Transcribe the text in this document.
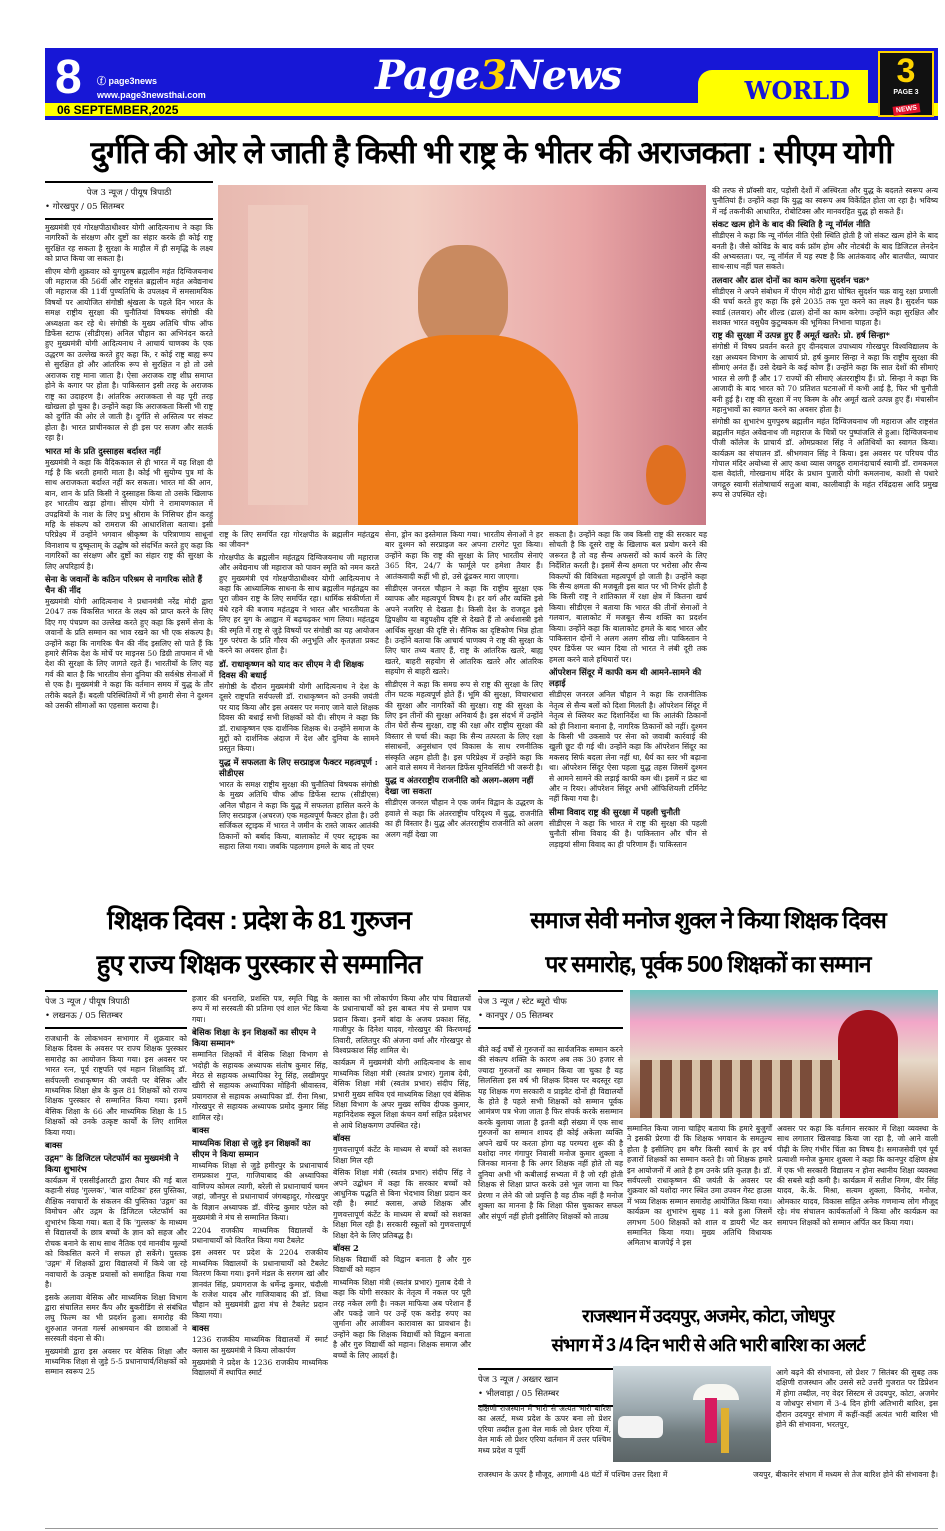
8 ⓕ page3news
www.page3newsthai.com
06 SEPTEMBER,2025
Page3News	WORLD
3
PAGE 3
NEWS
दुर्गति की ओर ले जाती है किसी भी राष्ट्र के भीतर की अराजकता : सीएम योगी
पेज 3 न्यूज / पीयूष त्रिपाठी
• गोरखपुर / 05 सितम्बर

मुख्यमंत्री एवं गोरक्षपीठाधीश्वर योगी आदित्यनाथ ने कहा कि नागरिकों के संरक्षण और दुष्टों का संहार करके ही कोई राष्ट्र सुरक्षित रह सकता है सुरक्षा के माहौल में ही समृद्धि के लक्ष्य को प्राप्त किया जा सकता है।

सीएम योगी शुक्रवार को युगपुरुष ब्रह्मलीन महंत दिग्विजयनाथ जी महाराज की 56वीं और राष्ट्रसंत ब्रह्मलीन महंत अवेद्यनाथ जी महाराज की 11वीं पुण्यतिथि के उपलक्ष्य में समसामयिक विषयों पर आयोजित संगोष्ठी श्रृंखला के पहले दिन भारत के समक्ष राष्ट्रीय सुरक्षा की चुनौतियां विषयक संगोष्ठी की अध्यक्षता कर रहे थे। संगोष्ठी के मुख्य अतिथि चीफ ऑफ डिफेंस स्टाफ (सीडीएस) अनिल चौहान का अभिनंदन करते हुए मुख्यमंत्री योगी आदित्यनाथ ने आचार्य चाणक्य के एक उद्धरण का उल्लेख करते हुए कहा कि, र कोई राष्ट्र बाह्य रूप से सुरक्षित हो और आंतरिक रूप से सुरक्षित न हो तो उसे अराजक राष्ट्र माना जाता है। ऐसा अराजक राष्ट्र शीघ्र समाप्त होने के कगार पर होता है। पाकिस्तान इसी तरह के अराजक राष्ट्र का उदाहरण है। आंतरिक अराजकता से वह पूरी तरह खोखला हो चुका है। उन्होंने कहा कि अराजकता किसी भी राष्ट्र को दुर्गति की ओर ले जाती है। दुर्गति से अस्तित्व पर संकट होता है। भारत प्राचीनकाल से ही इस पर सजग और सतर्क रहा है।

भारत मां के प्रति दुस्साहस बर्दाश्त नहीं

मुख्यमंत्री ने कहा कि वैदिककाल से ही भारत में यह शिक्षा दी गई है कि धरती हमारी माता है। कोई भी सुयोग्य पुत्र मां के साथ अराजकता बर्दाश्त नहीं कर सकता। भारत मां की आन, बान, शान के प्रति किसी ने दुस्साहस किया तो उसके खिलाफ हर भारतीय खड़ा होगा। सीएम योगी ने रामायणकाल में उपद्रवियों के नाश के लिए प्रभु श्रीराम के निसिचर हीन करहुं महि के संकल्प को रामराज की आधारशिला बताया। इसी परिप्रेक्ष्य में उन्होंने भगवान श्रीकृष्ण के परित्राणाय साधूनां विनाशाय च दुष्कृताम् के उद्घोष को संदर्भित करते हुए कहा कि नागरिकों का संरक्षण और दुष्टों का संहार राष्ट्र की सुरक्षा के लिए अपरिहार्य है।

सेना के जवानों के कठिन परिश्रम से नागरिक सोते हैं चैन की नींद

मुख्यमंत्री योगी आदित्यनाथ ने प्रधानमंत्री नरेंद्र मोदी द्वारा 2047 तक विकसित भारत के लक्ष्य को प्राप्त करने के लिए दिए गए पंचप्रण का उल्लेख करते हुए कहा कि इसमें सेना के जवानों के प्रति सम्मान का भाव रखने का भी एक संकल्प है। उन्होंने कहा कि नागरिक चैन की नींद इसलिए सो पाते हैं कि हमारे सैनिक देश के मोर्चे पर माइनस 50 डिग्री तापमान में भी देश की सुरक्षा के लिए जागते रहते हैं। भारतीयों के लिए यह गर्व की बात है कि भारतीय सेना दुनिया की सर्वश्रेष्ठ सेनाओं में से एक है। मुख्यमंत्री ने कहा कि वर्तमान समय में युद्ध के तौर तरीके बदले हैं। बदली परिस्थितियों में भी हमारी सेना ने दुश्मन को उसकी सीमाओं का एहसास कराया है।

राष्ट्र के लिए समर्पित रहा गोरक्षपीठ के ब्रह्मलीन महंतद्वय का जीवन*

गोरक्षपीठ के ब्रह्मलीन महंतद्वय दिग्विजयनाथ जी महाराज और अवेद्यनाथ जी महाराज को पावन स्मृति को नमन करते हुए मुख्यमंत्री एवं गोरक्षपीठाधीश्वर योगी आदित्यनाथ ने कहा कि आध्यात्मिक साधना के साथ ब्रह्मलीन महंतद्वय का पूरा जीवन राष्ट्र के लिए समर्पित रहा। धार्मिक संकीर्णता में बंधे रहने की बजाय महंतद्वय ने भारत और भारतीयता के लिए हर युग के आह्वान में बढ़चढ़कर भाग लिया। महंतद्वय की स्मृति में राष्ट्र से जुड़े विषयों पर संगोष्ठी का यह आयोजन गुरु परंपरा के प्रति गौरव की अनुभूति और कृतज्ञता प्रकट करने का अवसर होता है।

डॉ. राधाकृष्णन को याद कर सीएम ने दी शिक्षक दिवस की बधाई

संगोष्ठी के दौरान मुख्यमंत्री योगी आदित्यनाथ ने देश के दूसरे राष्ट्रपति सर्वपल्ली डॉ. राधाकृष्णन को उनकी जयंती पर याद किया और इस अवसर पर मनाए जाने वाले शिक्षक दिवस की बधाई सभी शिक्षकों को दी। सीएम ने कहा कि डॉ. राधाकृष्णन एक दार्शनिक शिक्षक थे। उन्होंने समाज के मुद्दों को दार्शनिक अंदाज में देश और दुनिया के सामने प्रस्तुत किया।

युद्ध में सफलता के लिए सरप्राइज फैक्टर महत्वपूर्ण : सीडीएस

भारत के समक्ष राष्ट्रीय सुरक्षा की चुनौतियां विषयक संगोष्ठी के मुख्य अतिथि चीफ ऑफ डिफेंस स्टाफ (सीडीएस) अनिल चौहान ने कहा कि युद्ध में सफलता हासिल करने के लिए सरप्राइज (अचरज) एक महत्वपूर्ण फैक्टर होता है। उरी सर्जिकल स्ट्राइक में भारत ने जमीन के रास्ते जाकर आतंकी ठिकानों को बर्बाद किया, बालाकोट में एयर स्ट्राइक का सहारा लिया गया। जबकि पहलगाम हमले के बाद तो एयर

सेना, ड्रोन का इस्तेमाल किया गया। भारतीय सेनाओं ने हर बार दुश्मन को सरप्राइज कर अपना टारगेट पूरा किया। उन्होंने कहा कि राष्ट्र की सुरक्षा के लिए भारतीय सेनाएं 365 दिन, 24/7 के फार्मूले पर हमेशा तैयार हैं। आतंकवादी कहीं भी हो, उसे ढूंढकर मारा जाएगा।

सीडीएस जनरल चौहान ने कहा कि राष्ट्रीय सुरक्षा एक व्यापक और महत्वपूर्ण विषय है। हर वर्ग और व्यक्ति इसे अपने नजरिए से देखता है। किसी देश के राजदूत इसे द्विपक्षीय या बहुपक्षीय दृष्टि से देखते हैं तो अर्थशास्त्री इसे आर्थिक सुरक्षा की दृष्टि से। सैनिक का दृष्टिकोण भिन्न होता है। उन्होंने बताया कि आचार्य चाणक्य ने राष्ट्र की सुरक्षा के लिए चार तथ्य बताए हैं, राष्ट्र के आंतरिक खतरे, बाह्य खतरे, बाहरी सहयोग से आंतरिक खतरे और आंतरिक सहयोग से बाहरी खतरे।

सीडीएस ने कहा कि समग्र रूप से राष्ट्र की सुरक्षा के लिए तीन घटक महत्वपूर्ण होते हैं। भूमि की सुरक्षा, विचारधारा की सुरक्षा और नागरिकों की सुरक्षा। राष्ट्र की सुरक्षा के लिए इन तीनों की सुरक्षा अनिवार्य है। इस संदर्भ में उन्होंने तीन घेरों सैन्य सुरक्षा, राष्ट्र की रक्षा और राष्ट्रीय सुरक्षा की विस्तार से चर्चा की। कहा कि सैन्य तत्परता के लिए रक्षा संसाधनों, अनुसंधान एवं विकास के साथ रणनीतिक संस्कृति अहम होती है। इस परिप्रेक्ष्य में उन्होंने कहा कि आने वाले समय में नेशनल डिफेंस यूनिवर्सिटी भी जरूरी है।

युद्ध व अंतरराष्ट्रीय राजनीति को अलग-अलग नहीं देखा जा सकता

सीडीएस जनरल चौहान ने एक जर्मन विद्वान के उद्धरण के हवाले से कहा कि अंतरराष्ट्रीय परिदृश्य में युद्ध, राजनीति का ही विस्तार है। युद्ध और अंतरराष्ट्रीय राजनीति को अलग अलग नहीं देखा जा

सकता है। उन्होंने कहा कि जब किसी राष्ट्र की सरकार यह सोचती है कि दूसरे राष्ट्र के खिलाफ बल प्रयोग करने की जरूरत है तो वह सैन्य अफसरों को कार्य करने के लिए निर्देशित करती है। इसमें सैन्य क्षमता पर भरोसा और सैन्य विकल्पों की विविधता महत्वपूर्ण हो जाती है। उन्होंने कहा कि सैन्य क्षमता की मजबूती इस बात पर भी निर्भर होती है कि किसी राष्ट्र ने शांतिकाल में रक्षा क्षेत्र में कितना खर्च किया। सीडीएस ने बताया कि भारत की तीनों सेनाओं ने गलवान, बालाकोट में मजबूत सैन्य शक्ति का प्रदर्शन किया। उन्होंने कहा कि बालाकोट हमले के बाद भारत और पाकिस्तान दोनों ने अलग अलग सीख ली। पाकिस्तान ने एयर डिफेंस पर ध्यान दिया तो भारत ने लंबी दूरी तक हमला करने वाले हथियारों पर।

ऑपरेशन सिंदूर में काफी कम थी आमने-सामने की लड़ाई

सीडीएस जनरल अनिल चौहान ने कहा कि राजनीतिक नेतृत्व से सैन्य बलों को दिशा मिलती है। ऑपरेशन सिंदूर में नेतृत्व से क्लियर कट दिशानिर्देश था कि आतंकी ठिकानों को ही निशाना बनाना है, नागरिक ठिकानों को नहीं। दुश्मन के किसी भी उकसावे पर सेना को जवाबी कार्रवाई की खुली छूट दी गई थी। उन्होंने कहा कि ऑपरेशन सिंदूर का मकसद सिर्फ बदला लेना नहीं था, धैर्य का स्तर भी बढ़ाना था। ऑपरेशन सिंदूर ऐसा पहला युद्ध तहस जिसमें दुश्मन से आमने सामने की लड़ाई काफी कम थी। इसमें न फ्रंट था और न रियर। ऑपरेशन सिंदूर अभी ऑफिशियली टर्मिनेट नहीं किया गया है।

सीमा विवाद राष्ट्र की सुरक्षा में पहली चुनौती

सीडीएस ने कहा कि भारत मे राष्ट्र की सुरक्षा की पहली चुनौती सीमा विवाद की है। पाकिस्तान और चीन से लड़ाइयां सीमा विवाद का ही परिणाम हैं। पाकिस्तान

की तरफ से प्रॉक्सी वार, पड़ोसी देशों में अस्थिरता और युद्ध के बदलते स्वरूप अन्य चुनौतियां हैं। उन्होंने कहा कि युद्ध का स्वरूप अब विकेंद्रित होता जा रहा है। भविष्य में नई तकनीकी आधारित, रोबोटिक्स और मानवरहित युद्ध हो सकते हैं।

संकट खत्म होने के बाद की स्थिति है न्यू नॉर्मल नीति

सीडीएस ने कहा कि न्यू नॉर्मल नीति ऐसी स्थिति होती है जो संकट खत्म होने के बाद बनती है। जैसे कोविड के बाद वर्क फ्रॉम होम और नोटबंदी के बाद डिजिटल लेनदेन की अभ्यस्तता। पर, न्यू नॉर्मल में यह स्पष्ट है कि आतंकवाद और बातचीत, व्यापार साथ-साथ नहीं चल सकते।

तलवार और ढाल दोनों का काम करेगा सुदर्शन चक्र*

सीडीएस ने अपने संबोधन में पीएम मोदी द्वारा घोषित सुदर्शन चक्र वायु रक्षा प्रणाली की चर्चा करते हुए कहा कि इसे 2035 तक पूरा करने का लक्ष्य है। सुदर्शन चक्र स्वार्ड (तलवार) और शील्ड (ढाल) दोनों का काम करेगा। उन्होंने कहा सुरक्षित और सशक्त भारत वसुधैव कुटुम्बकम की भूमिका निभाना चाहता है।

राष्ट्र की सुरक्षा में उत्पन्न हुए हैं अमूर्त खतरे: प्रो. हर्ष सिन्हा*

संगोष्ठी में विषय प्रवर्तन करते हुए दीनदयाल उपाध्याय गोरखपुर विश्वविद्यालय के रक्षा अध्ययन विभाग के आचार्य प्रो. हर्ष कुमार सिन्हा ने कहा कि राष्ट्रीय सुरक्षा की सीमाएं अनंत हैं। उसे देखने के कई कोण हैं। उन्होंने कहा कि सात देशों की सीमाएं भारत से लगी हैं और 17 राज्यों की सीमाएं अंतरराष्ट्रीय हैं। प्रो. सिन्हा ने कहा कि आजादी के बाद भारत को 70 प्रतिशत घटनाओं में कभी आई है, फिर भी चुनौती बनी हुई है। राष्ट्र की सुरक्षा में नए किस्म के और अमूर्त खतरे उत्पन्न हुए हैं। मंचासीन महानुभावों का स्वागत करने का अवसर होता है।

संगोष्ठी का शुभारंभ युगपुरुष ब्रह्मलीन महंत दिग्विजयनाथ जी महाराज और राष्ट्रसंत ब्रह्मलीन महंत अवेद्यनाथ जी महाराज के चित्रों पर पुष्पांजलि से हुआ। दिग्विजयनाथ पीजी कॉलेज के प्राचार्य डॉ. ओमप्रकाश सिंह ने अतिथियों का स्वागत किया। कार्यक्रम का संचालन डॉ. श्रीभगवान सिंह ने किया। इस अवसर पर परिचय पीठ गोपाल मंदिर अयोध्या से आए कथा व्यास जगद्गुरु रामानंदाचार्य स्वामी डॉ. रामकमल दास वेदांती, गोरखनाथ मंदिर के प्रधान पुजारी योगी कमलनाथ, काशी से पधारे जगद्गुरु स्वामी संतोषाचार्य सतुआ बाबा, कालीबाड़ी के महंत रविंद्रदास आदि प्रमुख रूप से उपस्थित रहे।

शिक्षक दिवस : प्रदेश के 81 गुरुजन
हुए राज्य शिक्षक पुरस्कार से सम्मानित
पेज 3 न्यूज / पीयूष त्रिपाठी
• लखनऊ / 05 सितम्बर

राजधानी के लोकभवन सभागार में शुक्रवार को शिक्षक दिवस के अवसर पर राज्य शिक्षक पुरस्कार समारोह का आयोजन किया गया। इस अवसर पर भारत रत्न, पूर्व राष्ट्रपति एवं महान शिक्षाविद् डॉ. सर्वपल्ली राधाकृष्णन की जयंती पर बेसिक और माध्यमिक शिक्षा क्षेत्र के कुल 81 शिक्षकों को राज्य शिक्षक पुरस्कार से सम्मानित किया गया। इसमें बेसिक शिक्षा के 66 और माध्यमिक शिक्षा के 15 शिक्षकों को उनके उत्कृष्ट कार्यों के लिए शामिल किया गया।

बाक्स
उद्गम" के डिजिटल प्लेटफॉर्म का मुख्यमंत्री ने किया शुभारंभ

कार्यक्रम में एससीईआरटी द्वारा तैयार की गई बाल कहानी संग्रह 'गुल्लक', 'बाल वाटिका' हस्त पुस्तिका, शैक्षिक नवाचारों के संकलन की पुस्तिका 'उद्गम' का विमोचन और उद्गम के डिजिटल प्लेटफॉर्म का शुभारंभ किया गया। बता दें कि 'गुल्लक' के माध्यम से विद्यालयों के छात्र बच्चों के ज्ञान को सहज और रोचक बनाने के साथ साथ नैतिक एवं मानवीय मूल्यों को विकसित करने में सफल हो सकेंगे। पुस्तक 'उद्गम' में शिक्षकों द्वारा विद्यालयों में किये जा रहे नवाचारों के उत्कृष्ट प्रयासों को समाहित किया गया है।

इसके अलावा बेसिक और माध्यमिक शिक्षा विभाग द्वारा संचालित समर कैंप और बुकरीडिंग से संबंधित लघु फिल्म का भी प्रदर्शन हुआ। समारोह की शुरुआत जनता गर्ल्स आश्रमयान की छात्राओं ने सरस्वती वंदना से की।

मुख्यमंत्री द्वारा इस अवसर पर बेसिक शिक्षा और माध्यमिक शिक्षा से जुड़े 5-5 प्रधानाचार्य/शिक्षकों को सम्मान स्वरूप 25

हजार की धनराशि, प्रशस्ति पत्र, स्मृति चिह्न के रूप में मां सरस्वती की प्रतिमा एवं शाल भेंट किया गया।

बेसिक शिक्षा के इन शिक्षकों का सीएम ने किया सम्मान*

सम्मानित शिक्षकों में बेसिक शिक्षा विभाग से भदोही के सहायक अध्यापक संतोष कुमार सिंह, मेरठ से सहायक अध्यापिका रेनू सिंह, लखीमपुर खीरी से सहायक अध्यापिका मोहिनी श्रीवास्तव, प्रयागराज से सहायक अध्यापिका डॉ. रीना मिश्रा, गोरखपुर से सहायक अध्यापक प्रमोद कुमार सिंह शामिल रहे।

बाक्स
माध्यमिक शिक्षा से जुड़े इन शिक्षकों का सीएम ने किया सम्मान

माध्यमिक शिक्षा से जुड़े हमीरपुर के प्रधानाचार्य रामप्रकाश गुप्त, गाजियाबाद की अध्यापिका वाणिज्य कोमल त्यागी, बरेली से प्रधानाचार्य चमन जहां, जौनपुर से प्रधानाचार्य जंगबहादुर, गोरखपुर के विज्ञान अध्यापक डॉ. वीरेन्द्र कुमार पटेल को मुख्यमंत्री ने मंच से सम्मानित किया।

2204 राजकीय माध्यमिक विद्यालयों के प्रधानाचार्यों को वितरित किया गया टैबलेट

इस अवसर पर प्रदेश के 2204 राजकीय माध्यमिक विद्यालयों के प्रधानाचार्यों को टैबलेट वितरण किया गया। इनमें मंडल के सरगम खां और ज्ञानवंत सिंह, प्रयागराज के धर्मेन्द्र कुमार, चंदौली के राजेश यादव और गाजियाबाद की डॉ. विधा चौहान को मुख्यमंत्री द्वारा मंच से टैबलेट प्रदान किया गया।

बाक्स

1236 राजकीय माध्यमिक विद्यालयों में स्मार्ट क्लास का मुख्यमंत्री ने किया लोकार्पण

मुख्यमंत्री ने प्रदेश के 1236 राजकीय माध्यमिक विद्यालयों में स्थापित स्मार्ट

क्लास का भी लोकार्पण किया और पांच विद्यालयों के प्रधानाचार्यों को इस बाबत मंच से प्रमाण पत्र प्रदान किया। इनमें बांदा के अजय प्रकाश सिंह, गाजीपुर के दिनेश यादव, गोरखपुर की किरणमई तिवारी, ललितपुर की अंजना वर्मा और गोरखपुर से विश्वप्रकाश सिंह शामिल थे।

कार्यक्रम में मुख्यमंत्री योगी आदित्यनाथ के साथ माध्यमिक शिक्षा मंत्री (स्वतंत्र प्रभार) गुलाब देवी, बेसिक शिक्षा मंत्री (स्वतंत्र प्रभार) संदीप सिंह, प्रभारी मुख्य सचिव एवं माध्यमिक शिक्षा एवं बेसिक शिक्षा विभाग के अपर मुख्य सचिव दीपक कुमार, महानिदेशक स्कूल शिक्षा कंचन वर्मा सहित प्रदेशभर से आये शिक्षकगण उपस्थित रहे।

बॉक्स

गुणवत्तापूर्ण कंटेंट के माध्यम से बच्चों को सशक्त शिक्षा मिल रही

बेसिक शिक्षा मंत्री (स्वतंत्र प्रभार) संदीप सिंह ने अपने उद्बोधन में कहा कि सरकार बच्चों को आधुनिक पद्धति से बिना भेदभाव शिक्षा प्रदान कर रही है। स्मार्ट क्लास, अच्छे शिक्षक और गुणवत्तापूर्ण कंटेंट के माध्यम से बच्चों को सशक्त शिक्षा मिल रही है। सरकारी स्कूलों को गुणवत्तापूर्ण शिक्षा देने के लिए प्रतिबद्ध है।

बॉक्स 2

शिक्षक विद्यार्थी को विद्वान बनाता है और गुरु विद्यार्थी को महान

माध्यमिक शिक्षा मंत्री (स्वतंत्र प्रभार) गुलाब देवी ने कहा कि योगी सरकार के नेतृत्व में नकल पर पूरी तरह नकेल लगी है। नकल माफिया अब परेशान हैं और पकड़े जाने पर उन्हें एक करोड़ रुपए का जुर्माना और आजीवन कारावास का प्रावधान है। उन्होंने कहा कि शिक्षक विद्यार्थी को विद्वान बनाता है और गुरु विद्यार्थी को महान। शिक्षक समाज और बच्चों के लिए आदर्श है।

समाज सेवी मनोज शुक्ल ने किया शिक्षक दिवस
पर समारोह, पूर्वक 500 शिक्षकों का सम्मान
पेज 3 न्यूज / स्टेट ब्यूरो चीफ
• कानपुर / 05 सितम्बर

बीते कई वर्षों से गुरुजनों का सार्वजनिक सम्मान करने की संकल्प शक्ति के कारण अब तक 30 हजार से ज्यादा गुरुजनों का सम्मान किया जा चुका है यह सिलसिला इस वर्ष भी शिक्षक दिवस पर बदस्तूर रहा यह शिक्षक गण सरकारी व प्राइवेट दोनों ही विद्यालयों के होते है पहले सभी शिक्षकों को सम्मान पूर्वक आमंत्रण पत्र भेजा जाता है फिर संपर्क करके ससम्मान करके बुलाया जाता है इतनी बड़ी संख्या में एक साथ गुरुजनों का सम्मान शायद ही कोई अकेला व्यक्ति अपने खर्चे पर करता होगा यह परम्परा शुरू की है यशोदा नगर गंगापुर निवासी मनोज कुमार शुक्ला ने जिनका मानना है कि अगर शिक्षक नहीं होते तो यह दुनिया अभी भी कबीलाई सभ्यता में है जो रही होती शिक्षक से शिक्षा प्राप्त करके उसे भूल जाना या फिर प्रेरणा न लेने की जो प्रवृत्ति है वह ठीक नहीं है मनोज शुक्ला का मानना है कि शिक्षा फीस चुकाकर सफल और संपूर्ण नहीं होती इसीलिए शिक्षकों को ताउम्र

सम्मानित किया जाना चाहिए बताया कि हमारे बुजुर्गों ने इसकी प्रेरणा दी कि शिक्षक भगवान के समतुल्य होता है इसीलिए हम बगैर किसी स्वार्थ के हर वर्ष हजारों शिक्षकों का सम्मान करते है। जो शिक्षक हमारे इन आयोजनों में आते है हम उनके प्रति कृतज्ञ है। डॉ. सर्वपल्ली राधाकृष्णन की जयंती के अवसर पर शुक्रवार को यशोदा नगर स्थित उमा उपवन गेस्ट हाउस में भव्य शिक्षक सम्मान समारोह आयोजित किया गया। कार्यक्रम का शुभारंभ सुबह 11 बजे हुआ जिसमें लगभग 500 शिक्षकों को शाल व डायरी भेंट कर सम्मानित किया गया। मुख्य अतिथि विधायक अमिताभ बाजपेई ने इस

अवसर पर कहा कि वर्तमान सरकार में शिक्षा व्यवस्था के साथ लगातार खिलवाड़ किया जा रहा है, जो आने वाली पीढ़ी के लिए गंभीर चिंता का विषय है। समाजसेवी एवं पूर्व प्रत्याशी मनोज कुमार शुक्ला ने कहा कि कानपुर दक्षिण क्षेत्र में एक भी सरकारी विद्यालय न होना स्थानीय शिक्षा व्यवस्था की सबसे बड़ी कमी है। कार्यक्रम में सतीश निगम, वीर सिंह यादव, के.के. मिश्रा, सत्यम शुक्ला, विनोद, मनोज, ओमकार यादव, विकास सहित अनेक गणमान्य लोग मौजूद रहे। मंच संचालन कार्यकर्ताओं ने किया और कार्यक्रम का समापन शिक्षकों को सम्मान अर्पित कर किया गया।

राजस्थान में उदयपुर, अजमेर, कोटा, जोधपुर
संभाग में 3 /4 दिन भारी से अति भारी बारिश का अलर्ट
पेज 3 न्यूज / अख्तर खान
• भीलवाड़ा / 05 सितम्बर
दक्षिणी राजस्थान में भारी से अत्यंत भारी बारिश का अलर्ट, मध्य प्रदेश के ऊपर बना लो प्रेशर एरिया तब्दील हुआ वेल मार्क लो प्रेशर एरिया में, वेल मार्क लो प्रेशर एरिया वर्तमान में उत्तर पश्चिम मध्य प्रदेश व पूर्वी
आगे बढ़ने की संभावना, लो प्रेशर 7 सितंबर की सुबह तक दक्षिणी राजस्थान और उससे सटे उत्तरी गुजरात पर डिप्रेशन में होगा तब्दील, नए वेदर सिस्टम से उदयपुर, कोटा, अजमेर व जोधपुर संभाग में 3-4 दिन होगी अतिभारी बारिश, इस दौरान उदयपुर संभाग में कहीं-कहीं अत्यंत भारी बारिश भी होने की संभावना, भरतपुर,
राजस्थान के ऊपर है मौजूद, आगामी 48 घंटों में पश्चिम उत्तर दिशा में	जयपुर, बीकानेर संभाग में मध्यम से तेज बारिश होने की संभावना है।
